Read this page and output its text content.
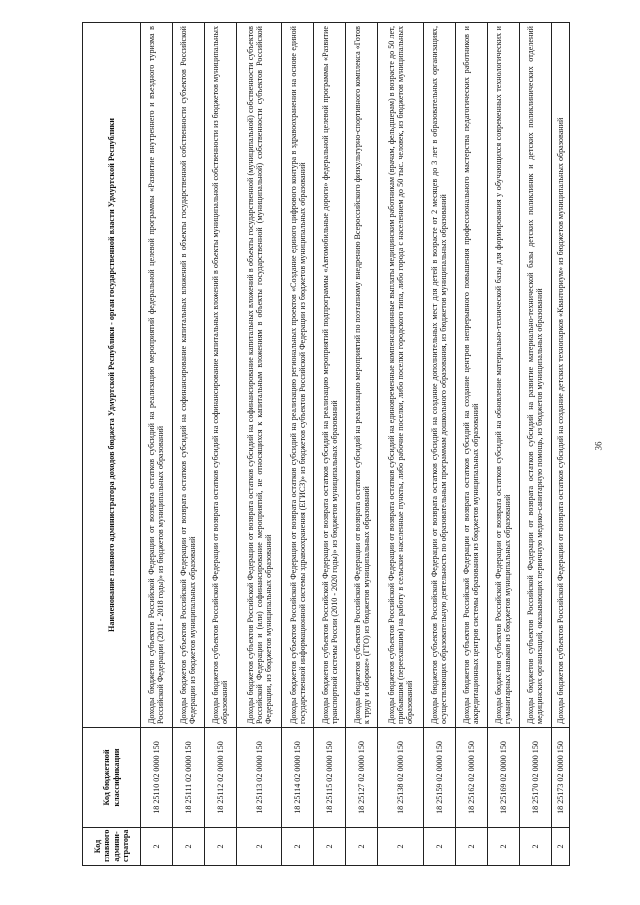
36
Код главного админи-стратора	Код бюджетной классификации	Наименование главного администратора доходов бюджета Удмуртской Республики - орган государственной власти Удмуртской Республики
2	18 25110 02 0000 150	Доходы бюджетов субъектов Российской Федерации от возврата остатков субсидий на реализацию мероприятий федеральной целевой программы «Развитие внутреннего и въездного туризма в Российской Федерации (2011 - 2018 годы)» из бюджетов муниципальных образований
2	18 25111 02 0000 150	Доходы бюджетов субъектов Российской Федерации от возврата остатков субсидий на софинансирование капитальных вложений в объекты государственной собственности субъектов Российской Федерации из бюджетов муниципальных образований
2	18 25112 02 0000 150	Доходы бюджетов субъектов Российской Федерации от возврата остатков субсидий на софинансирование капитальных вложений в объекты муниципальной собственности из бюджетов муниципальных образований
2	18 25113 02 0000 150	Доходы бюджетов субъектов Российской Федерации от возврата остатков субсидий на софинансирование капитальных вложений в объекты государственной (муниципальной) собственности субъектов Российской Федерации и (или) софинансирование мероприятий, не относящихся к капитальным вложениям в объекты государственной (муниципальной) собственности субъектов Российской Федерации, из бюджетов муниципальных образований
2	18 25114 02 0000 150	Доходы бюджетов субъектов Российской Федерации от возврата остатков субсидий на реализацию региональных проектов «Создание единого цифрового контура в здравоохранении на основе единой государственной информационной системы здравоохранения (ЕГИСЗ)» из бюджетов субъектов Российской Федерации из бюджетов муниципальных образований
2	18 25115 02 0000 150	Доходы бюджетов субъектов Российской Федерации от возврата остатков субсидий на реализацию мероприятий подпрограммы «Автомобильные дороги» федеральной целевой программы «Развитие транспортной системы России (2010 - 2020 годы)» из бюджетов муниципальных образований
2	18 25127 02 0000 150	Доходы бюджетов субъектов Российской Федерации от возврата остатков субсидий на реализацию мероприятий по поэтапному внедрению Всероссийского физкультурно-спортивного комплекса «Готов к труду и обороне» (ГТО) из бюджетов муниципальных образований
2	18 25138 02 0000 150	Доходы бюджетов субъектов Российской Федерации от возврата остатков субсидий на единовременные компенсационные выплаты медицинским работникам (врачам, фельдшерам) в возрасте до 50 лет, прибывшим (переехавшим) на работу в сельские населенные пункты, либо рабочие поселки, либо поселки городского типа, либо города с населением до 50 тыс. человек, из бюджетов муниципальных образований
2	18 25159 02 0000 150	Доходы бюджетов субъектов Российской Федерации от возврата остатков субсидий на создание дополнительных мест для детей в возрасте от 2 месяцев до 3 лет в образовательных организациях, осуществляющих образовательную деятельность по образовательным программам дошкольного образования, из бюджетов муниципальных образований
2	18 25162 02 0000 150	Доходы бюджетов субъектов Российской Федерации от возврата остатков субсидий на создание центров непрерывного повышения профессионального мастерства педагогических работников и аккредитационных центров системы образования из бюджетов муниципальных образований
2	18 25169 02 0000 150	Доходы бюджетов субъектов Российской Федерации от возврата остатков субсидий на обновление материально-технической базы для формирования у обучающихся современных технологических и гуманитарных навыков из бюджетов муниципальных образований
2	18 25170 02 0000 150	Доходы бюджетов субъектов Российской Федерации от возврата остатков субсидий на развитие материально-технической базы детских поликлиник и детских поликлинических отделений медицинских организаций, оказывающих первичную медико-санитарную помощь, из бюджетов муниципальных образований
2	18 25173 02 0000 150	Доходы бюджетов субъектов Российской Федерации от возврата остатков субсидий на создание детских технопарков «Кванториум» из бюджетов муниципальных образований
